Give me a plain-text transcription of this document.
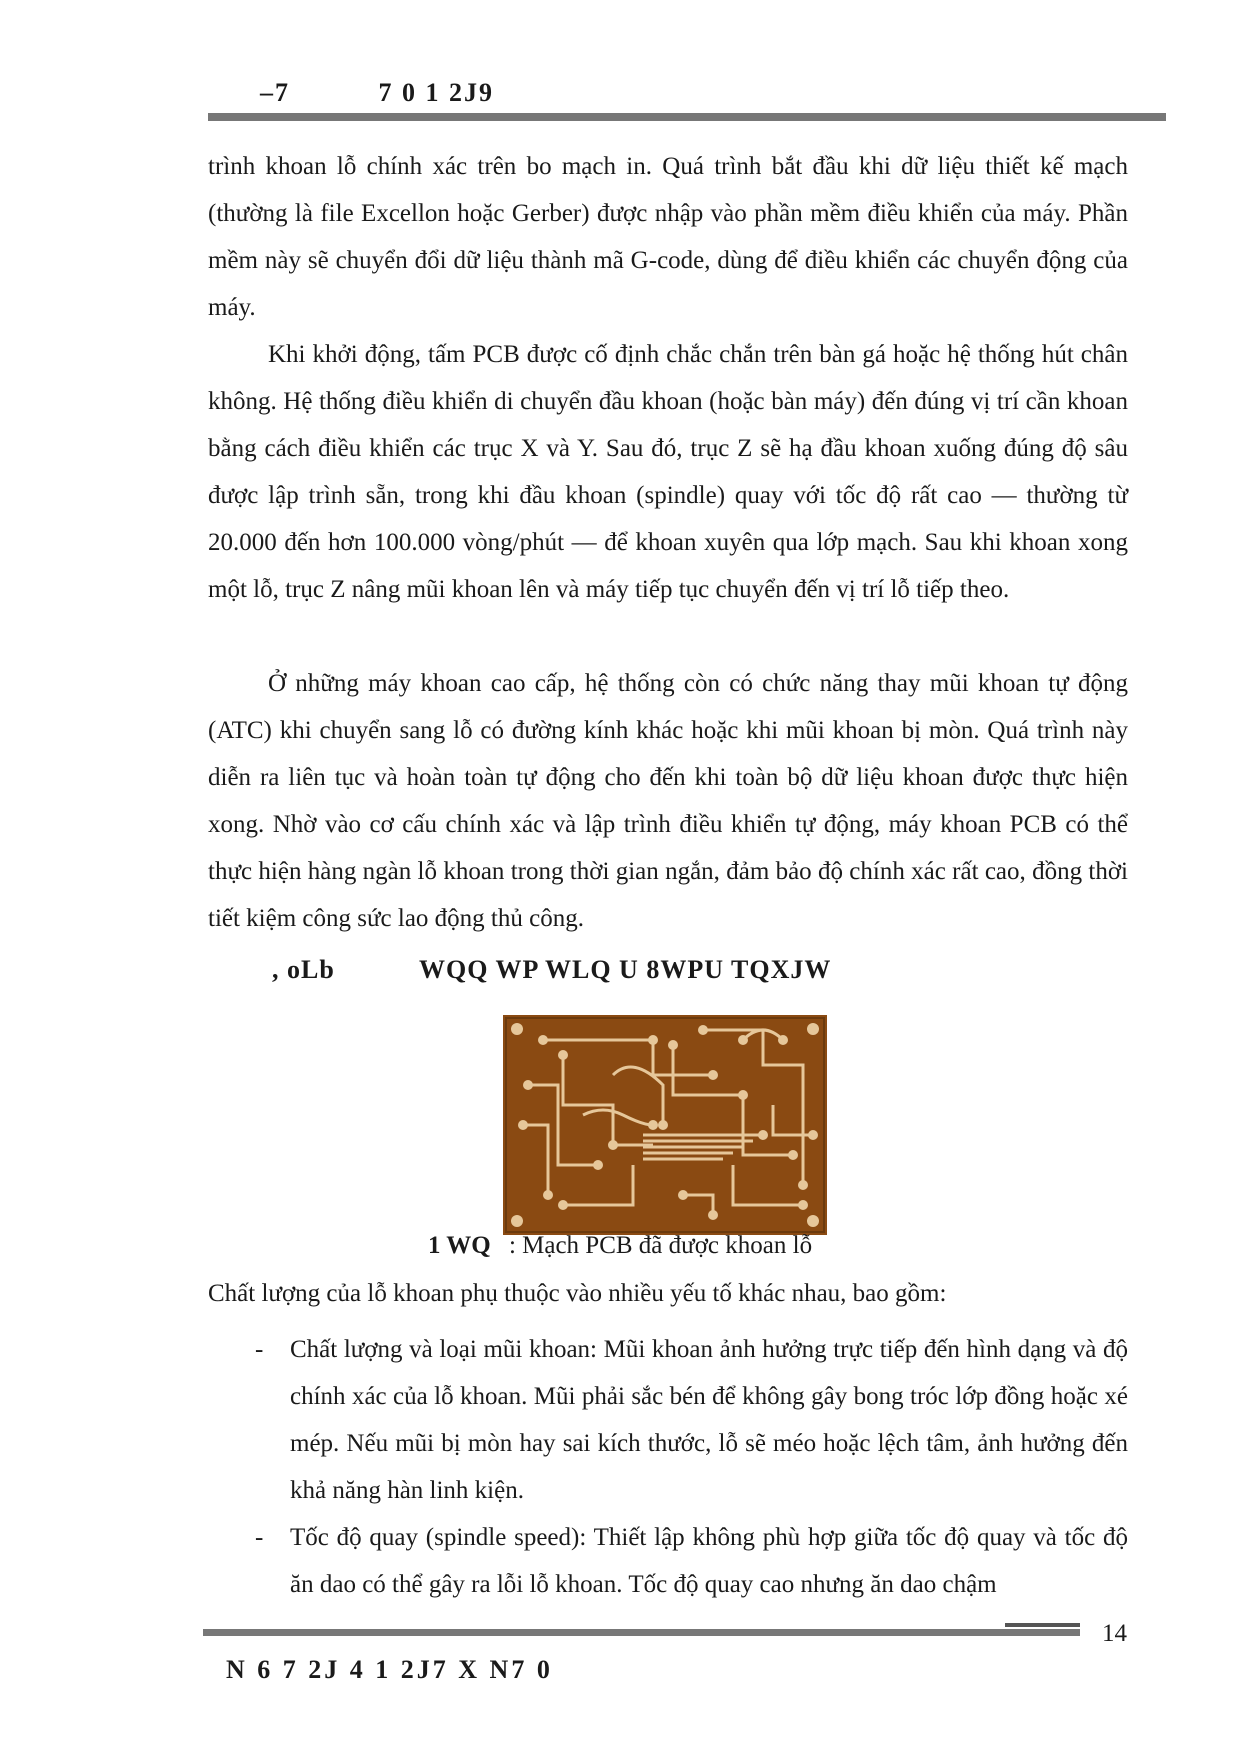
–7	7 0 1 2J9

trình khoan lỗ chính xác trên bo mạch in. Quá trình bắt đầu khi dữ liệu thiết kế mạch (thường là file Excellon hoặc Gerber) được nhập vào phần mềm điều khiển của máy. Phần mềm này sẽ chuyển đổi dữ liệu thành mã G-code, dùng để điều khiển các chuyển động của máy.

Khi khởi động, tấm PCB được cố định chắc chắn trên bàn gá hoặc hệ thống hút chân không. Hệ thống điều khiển di chuyển đầu khoan (hoặc bàn máy) đến đúng vị trí cần khoan bằng cách điều khiển các trục X và Y. Sau đó, trục Z sẽ hạ đầu khoan xuống đúng độ sâu được lập trình sẵn, trong khi đầu khoan (spindle) quay với tốc độ rất cao — thường từ 20.000 đến hơn 100.000 vòng/phút — để khoan xuyên qua lớp mạch. Sau khi khoan xong một lỗ, trục Z nâng mũi khoan lên và máy tiếp tục chuyển đến vị trí lỗ tiếp theo.

Ở những máy khoan cao cấp, hệ thống còn có chức năng thay mũi khoan tự động (ATC) khi chuyển sang lỗ có đường kính khác hoặc khi mũi khoan bị mòn. Quá trình này diễn ra liên tục và hoàn toàn tự động cho đến khi toàn bộ dữ liệu khoan được thực hiện xong. Nhờ vào cơ cấu chính xác và lập trình điều khiển tự động, máy khoan PCB có thể thực hiện hàng ngàn lỗ khoan trong thời gian ngắn, đảm bảo độ chính xác rất cao, đồng thời tiết kiệm công sức lao động thủ công.

, oLb	WQQ WP WLQ U 8WPU TQXJW
1 WQ : Mạch PCB đã được khoan lỗ
Chất lượng của lỗ khoan phụ thuộc vào nhiều yếu tố khác nhau, bao gồm:
- Chất lượng và loại mũi khoan: Mũi khoan ảnh hưởng trực tiếp đến hình dạng và độ chính xác của lỗ khoan. Mũi phải sắc bén để không gây bong tróc lớp đồng hoặc xé mép. Nếu mũi bị mòn hay sai kích thước, lỗ sẽ méo hoặc lệch tâm, ảnh hưởng đến khả năng hàn linh kiện.
- Tốc độ quay (spindle speed): Thiết lập không phù hợp giữa tốc độ quay và tốc độ ăn dao có thể gây ra lỗi lỗ khoan. Tốc độ quay cao nhưng ăn dao chậm
14
N 6 7 2J 4 1 2J7 X N7 0
